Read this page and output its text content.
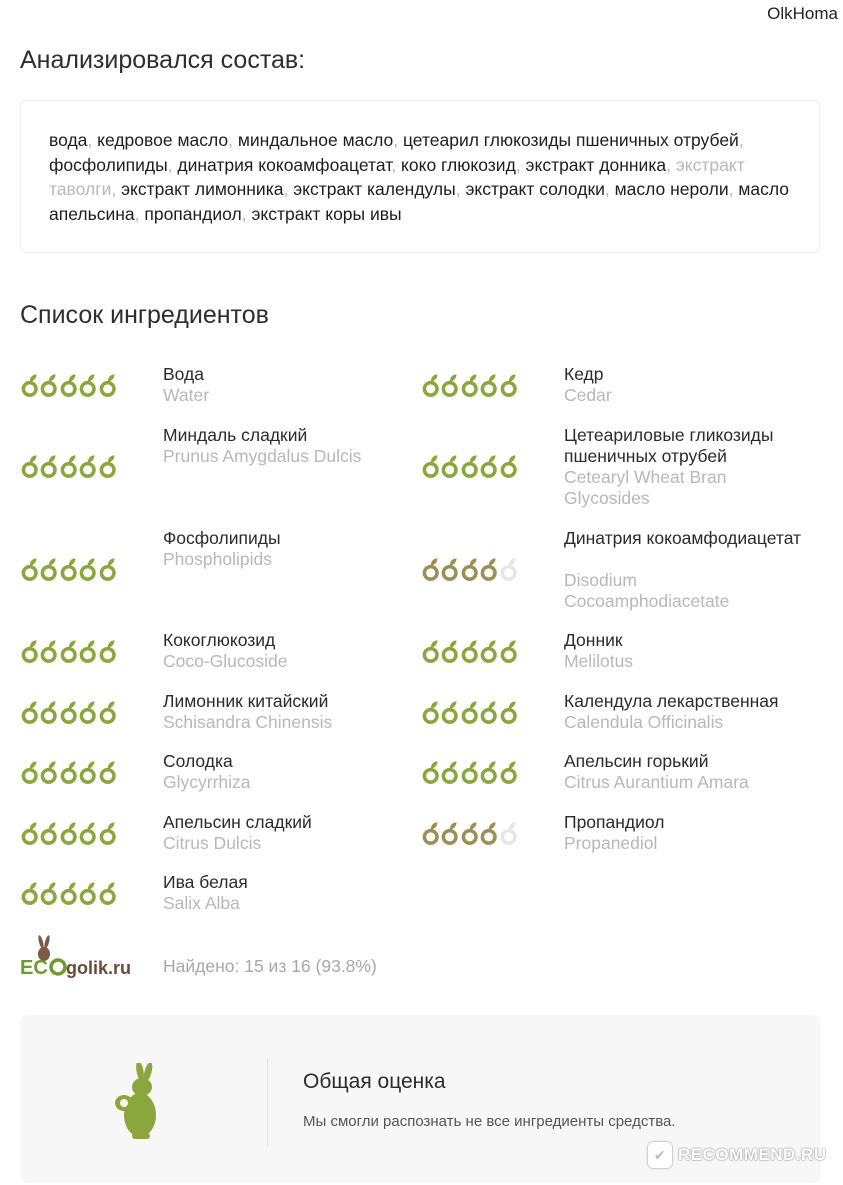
OlkHoma
Анализировался состав:
вода, кедровое масло, миндальное масло, цетеарил глюкозиды пшеничных отрубей, фосфолипиды, динатрия кокоамфоацетат, коко глюкозид, экстракт донника, экстракт таволги, экстракт лимонника, экстракт календулы, экстракт солодки, масло нероли, масло апельсина, пропандиол, экстракт коры ивы
Список ингредиентов
Вода
Water
Кедр
Cedar
Миндаль сладкий
Prunus Amygdalus Dulcis
Цетеариловые гликозиды пшеничных отрубей
Cetearyl Wheat Bran Glycosides
Фосфолипиды
Phospholipids
Динатрия кокоамфодиацетат
Disodium Cocoamphodiacetate
Кокоглюкозид
Coco-Glucoside
Донник
Melilotus
Лимонник китайский
Schisandra Chinensis
Календула лекарственная
Calendula Officinalis
Солодка
Glycyrrhiza
Апельсин горький
Citrus Aurantium Amara
Апельсин сладкий
Citrus Dulcis
Пропандиол
Propanediol
Ива белая
Salix Alba
EC golik.ru Найдено: 15 из 16 (93.8%)
Общая оценка
Мы смогли распознать не все ингредиенты средства.
✔ RECOMMEND.RU
